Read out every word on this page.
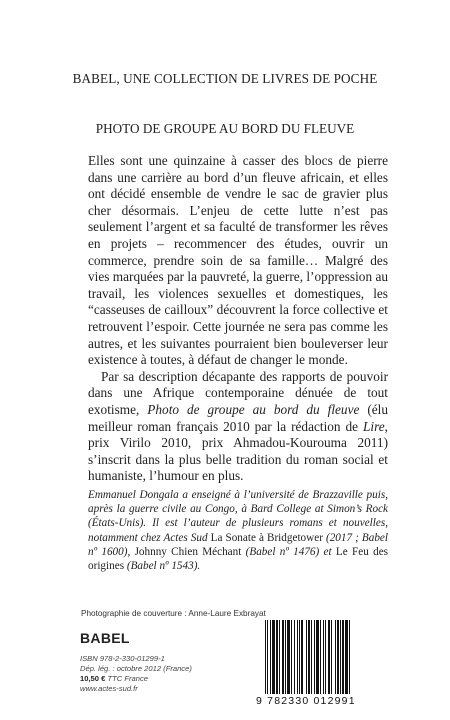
BABEL, UNE COLLECTION DE LIVRES DE POCHE
PHOTO DE GROUPE AU BORD DU FLEUVE

Elles sont une quinzaine à casser des blocs de pierre dans une carrière au bord d’un fleuve africain, et elles ont décidé ensemble de vendre le sac de gravier plus cher désormais. L’enjeu de cette lutte n’est pas seulement l’argent et sa faculté de transformer les rêves en projets – recommencer des études, ouvrir un commerce, prendre soin de sa famille… Malgré des vies marquées par la pauvreté, la guerre, l’oppression au travail, les violences sexuelles et domestiques, les “casseuses de cailloux” découvrent la force collective et retrouvent l’espoir. Cette journée ne sera pas comme les autres, et les suivantes pourraient bien bouleverser leur existence à toutes, à défaut de changer le monde.

Par sa description décapante des rapports de pouvoir dans une Afrique contemporaine dénuée de tout exotisme, Photo de groupe au bord du fleuve (élu meilleur roman français 2010 par la rédaction de Lire, prix Virilo 2010, prix Ahmadou-Kourouma 2011) s’inscrit dans la plus belle tradition du roman social et humaniste, l’humour en plus.

Emmanuel Dongala a enseigné à l’université de Brazzaville puis, après la guerre civile au Congo, à Bard College at Simon’s Rock (États-Unis). Il est l’auteur de plusieurs romans et nouvelles, notamment chez Actes Sud La Sonate à Bridgetower (2017 ; Babel nº 1600), Johnny Chien Méchant (Babel nº 1476) et Le Feu des origines (Babel nº 1543).
Photographie de couverture : Anne-Laure Exbrayat
BABEL
ISBN 978-2-330-01299-1
Dép. lég. : octobre 2012 (France)
10,50 € TTC France
www.actes-sud.fr
9 782330 012991
